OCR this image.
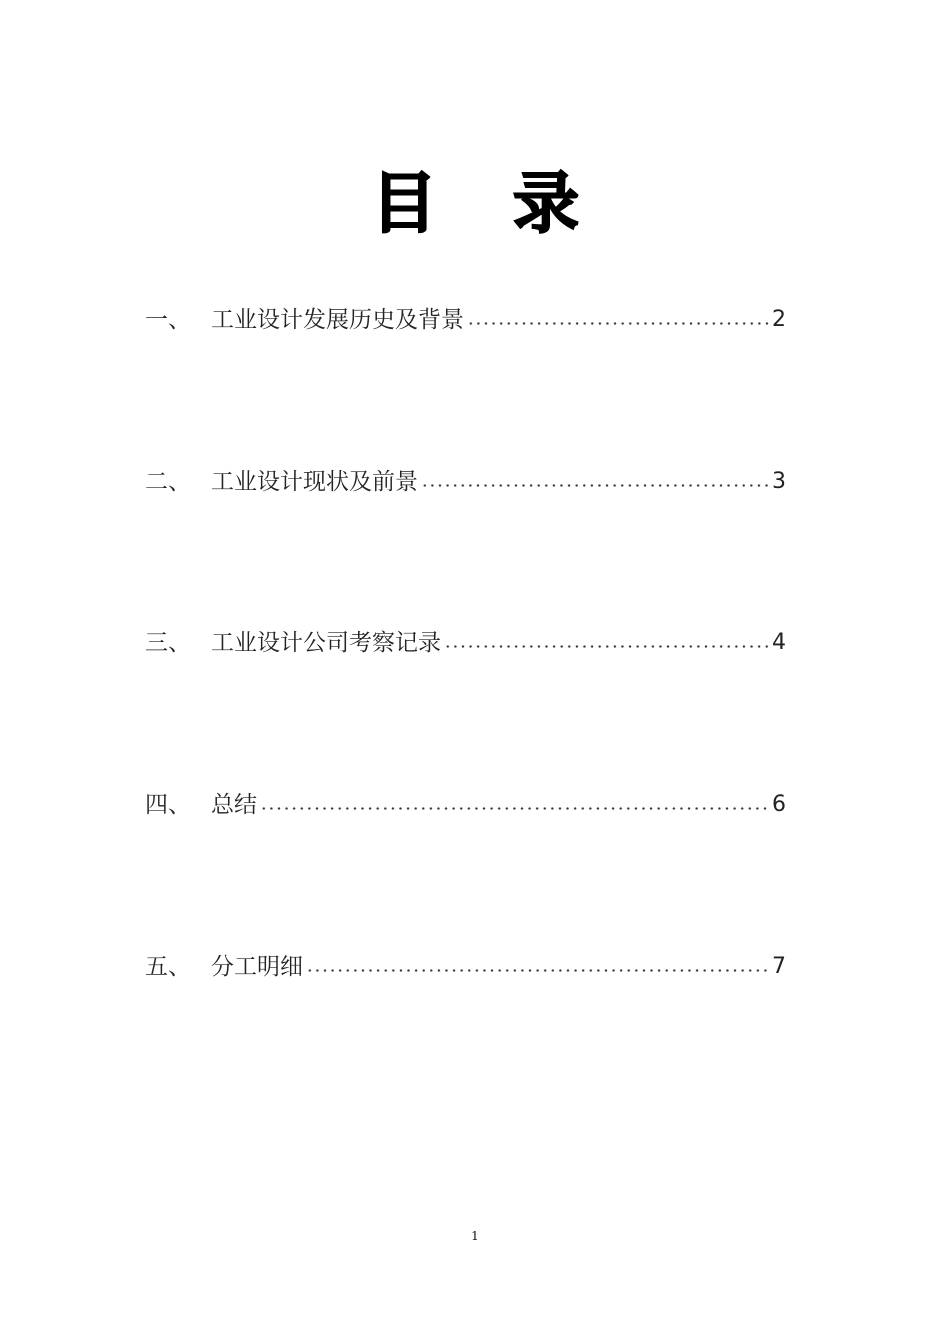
目 录
一、 工业设计发展历史及背景	2
二、 工业设计现状及前景	3
三、 工业设计公司考察记录	4
四、 总结	6
五、 分工明细	7
1
